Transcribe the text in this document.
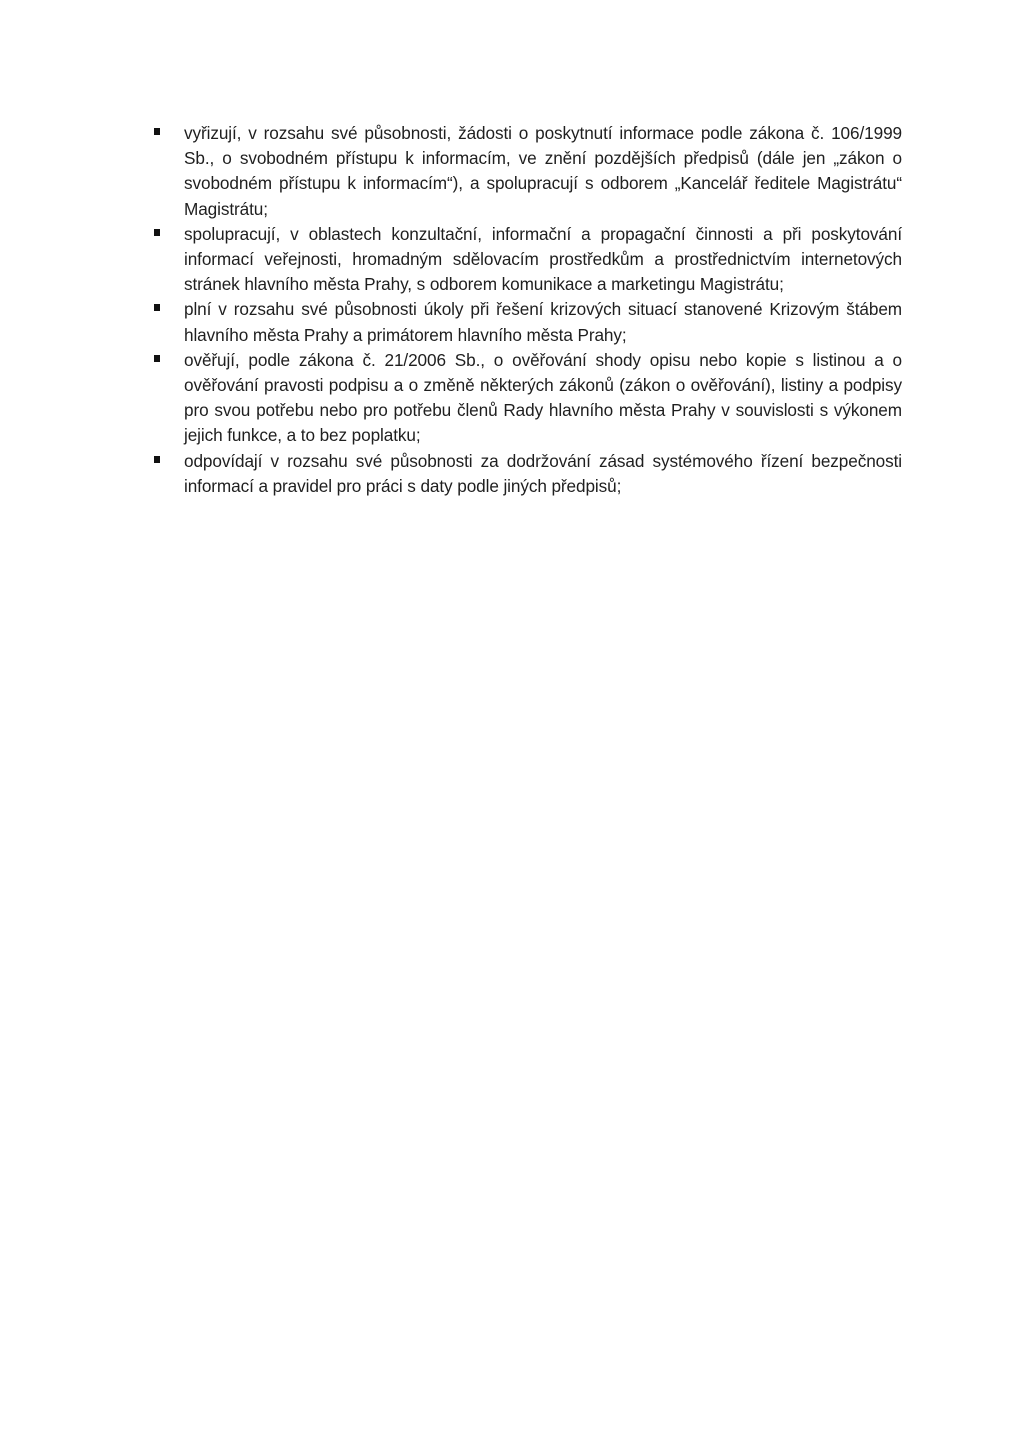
vyřizují, v rozsahu své působnosti, žádosti o poskytnutí informace podle zákona č. 106/1999 Sb., o svobodném přístupu k informacím, ve znění pozdějších předpisů (dále jen „zákon o svobodném přístupu k informacím“), a spolupracují s odborem „Kancelář ředitele Magistrátu“ Magistrátu;
spolupracují, v oblastech konzultační, informační a propagační činnosti a při poskytování informací veřejnosti, hromadným sdělovacím prostředkům a prostřednictvím internetových stránek hlavního města Prahy, s odborem komunikace a marketingu Magistrátu;
plní v rozsahu své působnosti úkoly při řešení krizových situací stanovené Krizovým štábem hlavního města Prahy a primátorem hlavního města Prahy;
ověřují, podle zákona č. 21/2006 Sb., o ověřování shody opisu nebo kopie s listinou a o ověřování pravosti podpisu a o změně některých zákonů (zákon o ověřování), listiny a podpisy pro svou potřebu nebo pro potřebu členů Rady hlavního města Prahy v souvislosti s výkonem jejich funkce, a to bez poplatku;
odpovídají v rozsahu své působnosti za dodržování zásad systémového řízení bezpečnosti informací a pravidel pro práci s daty podle jiných předpisů;
